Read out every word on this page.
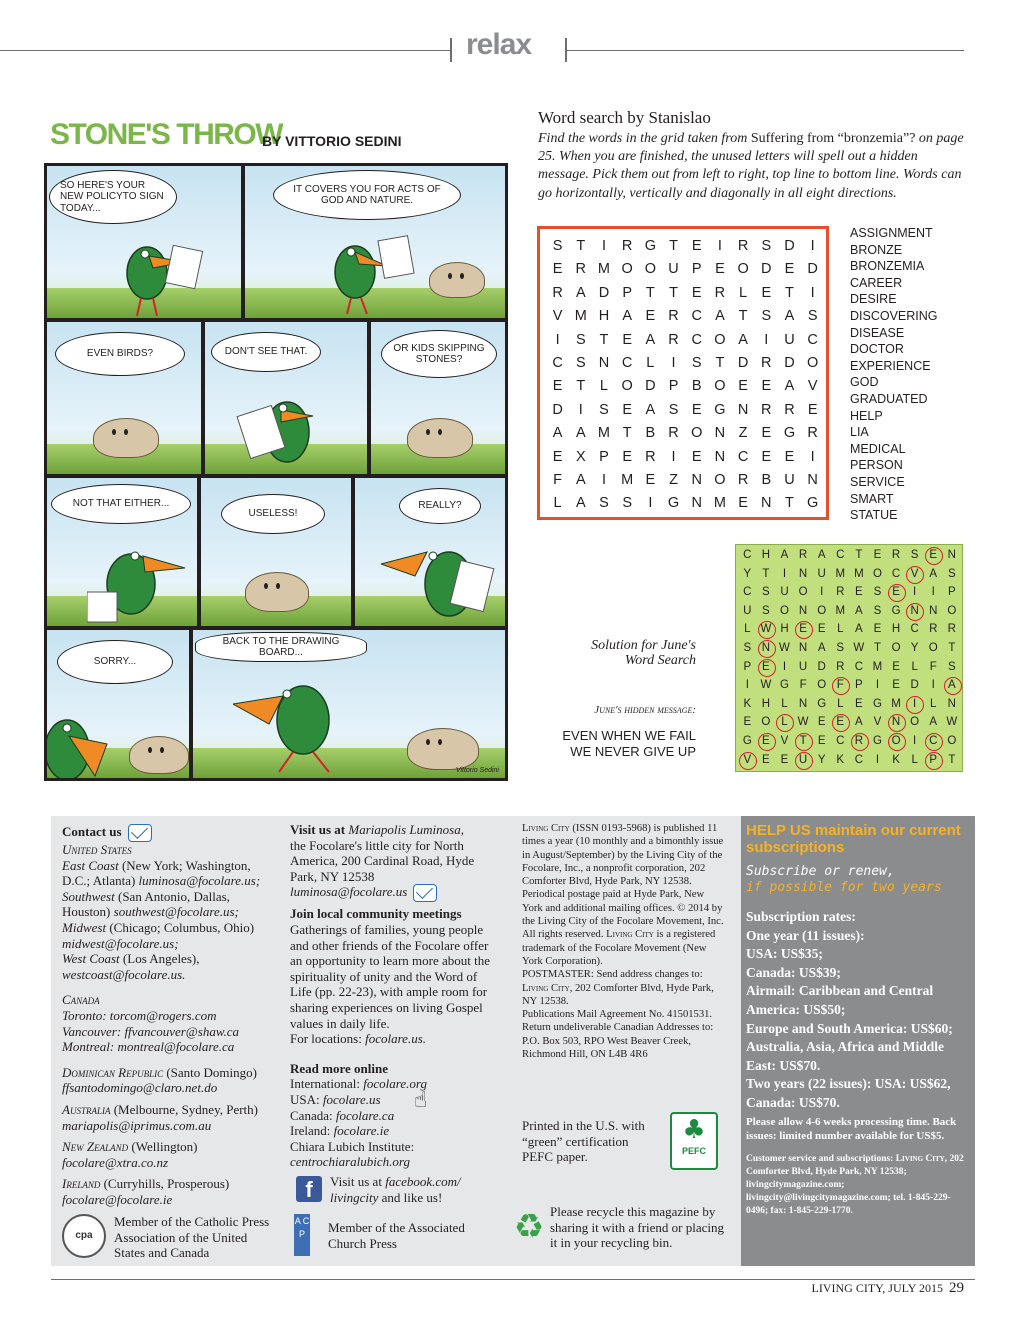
relax
STONE'S THROW
BY VITTORIO SEDINI
SO HERE'S YOUR NEW POLICYTO SIGN TODAY...
IT COVERS YOU FOR ACTS OF GOD AND NATURE.
EVEN BIRDS?	DON'T SEE THAT.	OR KIDS SKIPPING STONES?
NOT THAT EITHER...
USELESS!
REALLY?
SORRY...
BACK TO THE DRAWING BOARD...
Vittorio Sedini
Word search by Stanislao
Find the words in the grid taken from Suffering from “bronzemia”? on page 25. When you are finished, the unused letters will spell out a hidden message. Pick them out from left to right, top line to bottom line. Words can go horizontally, vertically and diagonally in all eight directions.
S T	I	R G T E	I	R S D	I
E R M O O U P E O D E D
R A D P T T E R L E T	I
V M H A E R C A T S A S
I	S T E A R C O A	I	U C
C S N C L	I	S T D R D O
E T	L O D P B O E E A V
D	I	S E A S E G N R R E
A A M T B R O N Z E G R
E X P E R	I	E N C E E	I
F A	I	M E Z N O R B U N
L A S S	I	G N M E N T G
ASSIGNMENT
BRONZE
BRONZEMIA
CAREER
DESIRE
DISCOVERING
DISEASE
DOCTOR
EXPERIENCE
GOD
GRADUATED
HELP
LIA
MEDICAL
PERSON
SERVICE
SMART
STATUE
Solution for June's Word Search
June's hidden message:
EVEN WHEN WE FAIL WE NEVER GIVE UP
C H A R A C T E R S E N
Y T	I	N U M M O C V A S
C S U O	I	R E S E	I	I	P
U S O N O M A S G N N O
L W H E E	L	A E H C R R
S N W N A S W T O Y O T
P E	I	U D R C M E	L	F S
I	W G F O F P	I	E D	I	A
K H L N G L	E G M	I	L N
E O L W E E A V N O A W
G E V T E C R G O	I	C O
V E E U Y K C	I	K	L	P T
Contact us
United States
East Coast (New York; Washington, D.C.; Atlanta) luminosa@focolare.us;
Southwest (San Antonio, Dallas, Houston) southwest@focolare.us;
Midwest (Chicago; Columbus, Ohio) midwest@focolare.us;
West Coast (Los Angeles), westcoast@focolare.us.
Canada
Toronto: torcom@rogers.com
Vancouver: ffvancouver@shaw.ca
Montreal: montreal@focolare.ca
Dominican Republic (Santo Domingo)
ffsantodomingo@claro.net.do
Australia (Melbourne, Sydney, Perth)
mariapolis@iprimus.com.au
New Zealand (Wellington)
focolare@xtra.co.nz
Ireland (Curryhills, Prosperous)
focolare@focolare.ie
Visit us at Mariapolis Luminosa,
the Focolare's little city for North America, 200 Cardinal Road, Hyde Park, NY 12538
luminosa@focolare.us
Join local community meetings
Gatherings of families, young people and other friends of the Focolare offer an opportunity to learn more about the spirituality of unity and the Word of Life (pp. 22-23), with ample room for sharing experiences on living Gospel values in daily life.
For locations: focolare.us.
Read more online
International: focolare.org
USA: focolare.us
Canada: focolare.ca
Ireland: focolare.ie
Chiara Lubich Institute:
centrochiaralubich.org
☝
f	Visit us at facebook.com/ livingcity and like us!
cpa
Member of the Catholic Press Association of the United States and Canada
A C P	Member of the Associated Church Press
Living City (ISSN 0193-5968) is published 11 times a year (10 monthly and a bimonthly issue in August/September) by the Living City of the Focolare, Inc., a nonprofit corporation, 202 Comforter Blvd, Hyde Park, NY 12538. Periodical postage paid at Hyde Park, New York and additional mailing offices. © 2014 by the Living City of the Focolare Movement, Inc.
All rights reserved. Living City is a registered trademark of the Focolare Movement (New York Corporation).
POSTMASTER: Send address changes to: Living City, 202 Comforter Blvd, Hyde Park, NY 12538.
Publications Mail Agreement No. 41501531. Return undeliverable Canadian Addresses to: P.O. Box 503, RPO West Beaver Creek, Richmond Hill, ON L4B 4R6
Printed in the U.S. with “green” certification PEFC paper.
♣
PEFC
♻ Please recycle this magazine by sharing it with a friend or placing it in your recycling bin.
HELP US maintain our current subscriptions
Subscribe or renew,
if possible for two years
Subscription rates:
One year (11 issues):
USA: US$35;
Canada: US$39;
Airmail: Caribbean and Central America: US$50;
Europe and South America: US$60;
Australia, Asia, Africa and Middle East: US$70.
Two years (22 issues): USA: US$62, Canada: US$70.
Please allow 4-6 weeks processing time. Back issues: limited number available for US$5.
Customer service and subscriptions: Living City, 202 Comforter Blvd, Hyde Park, NY 12538; livingcitymagazine.com; livingcity@livingcitymagazine.com; tel. 1-845-229-0496; fax: 1-845-229-1770.
LIVING CITY, JULY 2015 29
